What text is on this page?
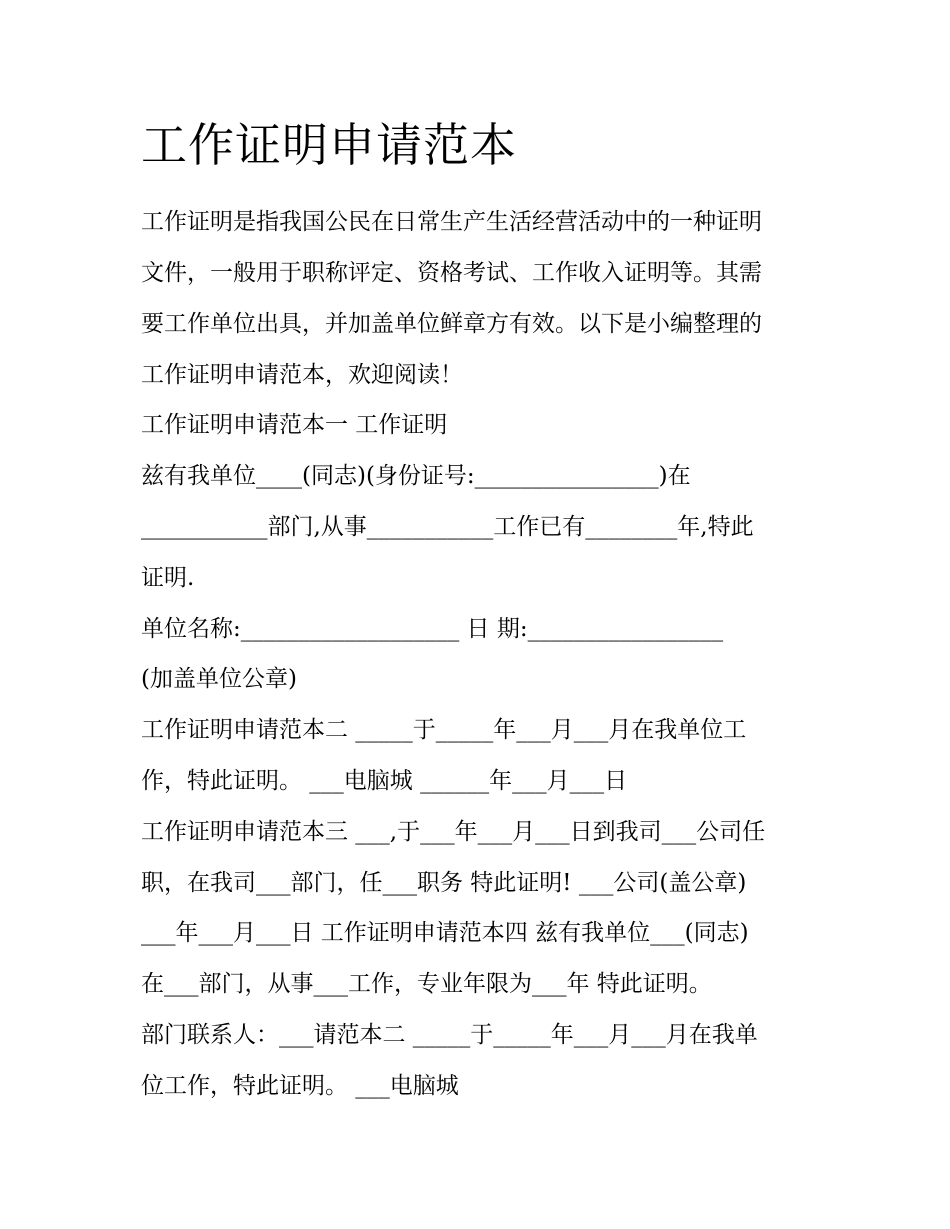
工作证明申请范本
工作证明是指我国公民在日常生产生活经营活动中的一种证明
文件，一般用于职称评定、资格考试、工作收入证明等。其需
要工作单位出具，并加盖单位鲜章方有效。以下是小编整理的
工作证明申请范本，欢迎阅读！
工作证明申请范本一 工作证明
兹有我单位____(同志)(身份证号:________________)在
___________部门,从事___________工作已有________年,特此
证明.
单位名称:___________________ 日 期:_________________
(加盖单位公章)
工作证明申请范本二 _____于_____年___月___月在我单位工
作，特此证明。 ___电脑城 ______年___月___日
工作证明申请范本三 ___,于___年___月___日到我司___公司任
职，在我司___部门，任___职务 特此证明! ___公司(盖公章)
___年___月___日 工作证明申请范本四 兹有我单位___(同志)
在___部门，从事___工作，专业年限为___年 特此证明。
部门联系人：___请范本二 _____于_____年___月___月在我单
位工作，特此证明。 ___电脑城
